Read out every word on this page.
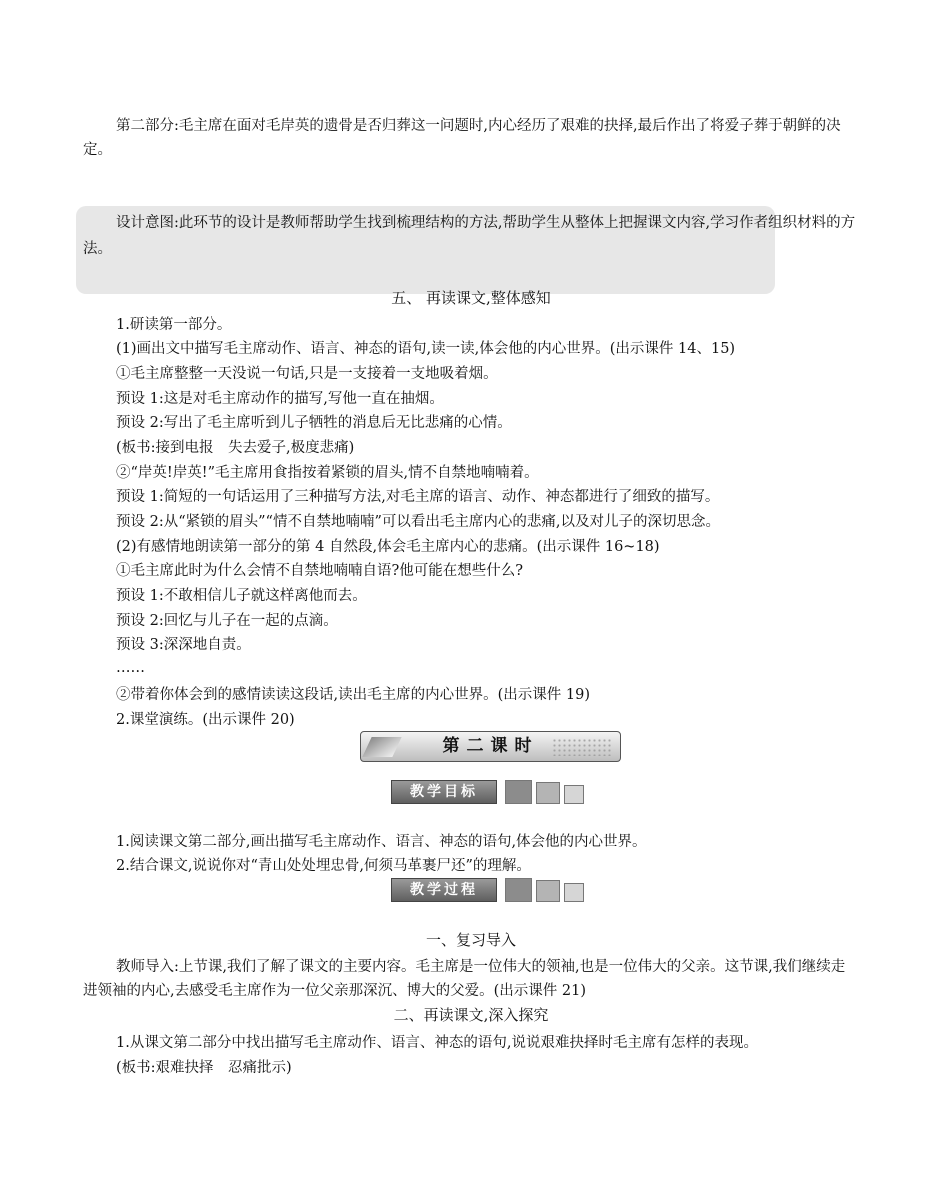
第二部分:毛主席在面对毛岸英的遗骨是否归葬这一问题时,内心经历了艰难的抉择,最后作出了将爱子葬于朝鲜的决定。
设计意图:此环节的设计是教师帮助学生找到梳理结构的方法,帮助学生从整体上把握课文内容,学习作者组织材料的方法。
五、 再读课文,整体感知
1.研读第一部分。
(1)画出文中描写毛主席动作、语言、神态的语句,读一读,体会他的内心世界。(出示课件 14、15)
①毛主席整整一天没说一句话,只是一支接着一支地吸着烟。
预设 1:这是对毛主席动作的描写,写他一直在抽烟。
预设 2:写出了毛主席听到儿子牺牲的消息后无比悲痛的心情。
(板书:接到电报　失去爱子,极度悲痛)
②“岸英!岸英!”毛主席用食指按着紧锁的眉头,情不自禁地喃喃着。
预设 1:简短的一句话运用了三种描写方法,对毛主席的语言、动作、神态都进行了细致的描写。
预设 2:从“紧锁的眉头”“情不自禁地喃喃”可以看出毛主席内心的悲痛,以及对儿子的深切思念。
(2)有感情地朗读第一部分的第 4 自然段,体会毛主席内心的悲痛。(出示课件 16~18)
①毛主席此时为什么会情不自禁地喃喃自语?他可能在想些什么?
预设 1:不敢相信儿子就这样离他而去。
预设 2:回忆与儿子在一起的点滴。
预设 3:深深地自责。
……
②带着你体会到的感情读读这段话,读出毛主席的内心世界。(出示课件 19)
2.课堂演练。(出示课件 20)
第二课时
教学目标
1.阅读课文第二部分,画出描写毛主席动作、语言、神态的语句,体会他的内心世界。
2.结合课文,说说你对“青山处处埋忠骨,何须马革裹尸还”的理解。
教学过程
一、复习导入
教师导入:上节课,我们了解了课文的主要内容。毛主席是一位伟大的领袖,也是一位伟大的父亲。这节课,我们继续走进领袖的内心,去感受毛主席作为一位父亲那深沉、博大的父爱。(出示课件 21)
二、再读课文,深入探究
1.从课文第二部分中找出描写毛主席动作、语言、神态的语句,说说艰难抉择时毛主席有怎样的表现。
(板书:艰难抉择　忍痛批示)
